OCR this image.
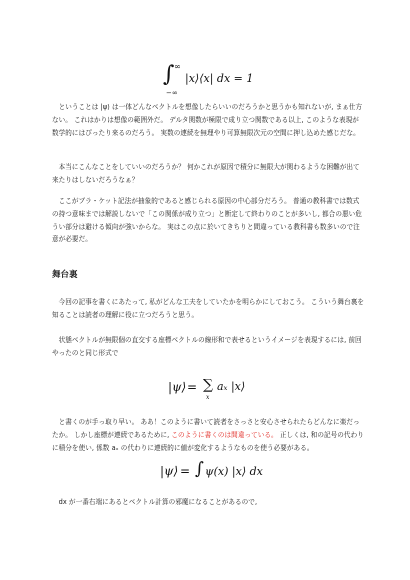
∫ ∞
−∞
|x⟩⟨x| dx = 1

ということは |ψ⟩ は一体どんなベクトルを想像したらいいのだろうかと思うかも知れないが, まぁ仕方ない。 これはかりは想像の範囲外だ。 デルタ関数が極限で成り立つ関数である以上, このような表現が数学的にはぴったり来るのだろう。 実数の連続を無理やり可算無限次元の空間に押し込めた感じだな。

本当にこんなことをしていいのだろうか？ 何かこれが原因で積分に無限大が関わるような困難が出て来たりはしないだろうなぁ？

ここがブラ・ケット記法が抽象的であると感じられる原因の中心部分だろう。 普通の教科書では数式の持つ意味までは解説しないで「この関係が成り立つ」と断定して終わりのことが多いし, 都合の悪い危うい部分は避ける傾向が強いからな。 実はこの点に於いてきちりと間違っている教科書も数多いので注意が必要だ。

舞台裏

今回の記事を書くにあたって, 私がどんな工夫をしていたかを明らかにしておこう。 こういう舞台裏を知ることは読者の理解に役に立つだろうと思う。

状態ベクトルが無限個の直交する座標ベクトルの線形和で表せるというイメージを表現するには, 前回やったのと同じ形式で

|ψ⟩ = ∑
x
aₓ |x⟩

と書くのが手っ取り早い。 ああ！このように書いて読者をさっさと安心させられたらどんなに楽だったか。 しかし座標が連続であるために, このように書くのは間違っている。 正しくは, 和の記号の代わりに積分を使い, 係数 aₓ の代わりに連続的に値が変化するようなものを使う必要がある。

|ψ⟩ = ∫ ψ(x) |x⟩ dx

dx が一番右端にあるとベクトル計算の邪魔になることがあるので,
